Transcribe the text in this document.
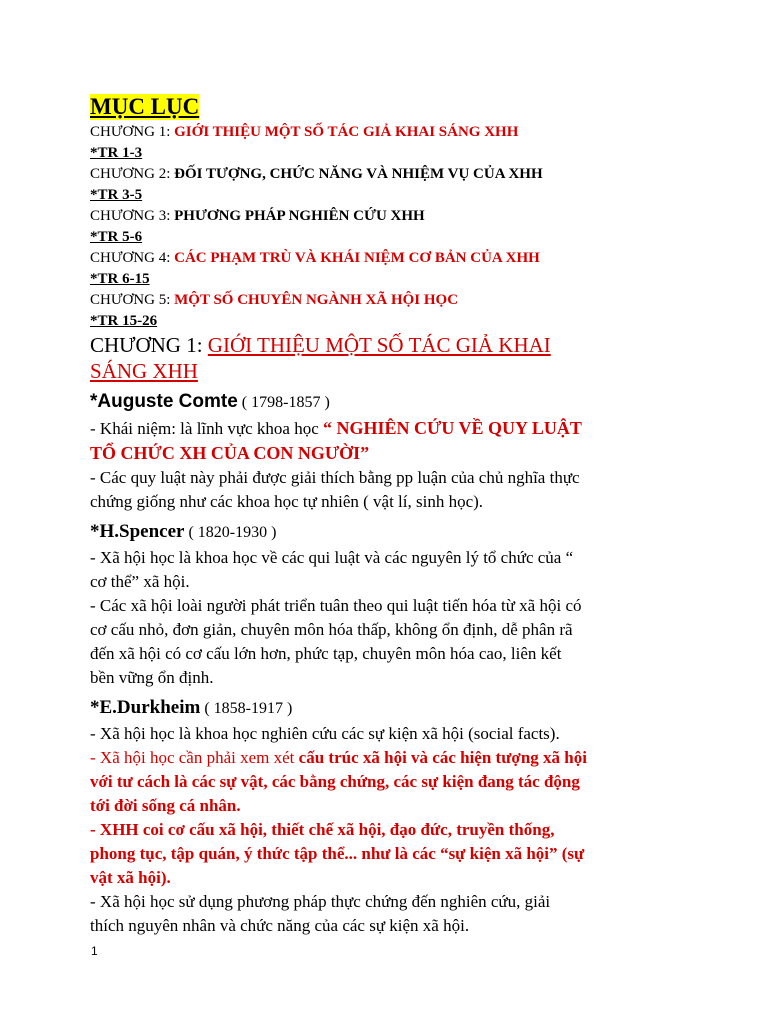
MỤC LỤC
CHƯƠNG 1: GIỚI THIỆU MỘT SỐ TÁC GIẢ KHAI SÁNG XHH
*TR 1-3
CHƯƠNG 2: ĐỐI TƯỢNG, CHỨC NĂNG VÀ NHIỆM VỤ CỦA XHH
*TR 3-5
CHƯƠNG 3: PHƯƠNG PHÁP NGHIÊN CỨU XHH
*TR 5-6
CHƯƠNG 4: CÁC PHẠM TRÙ VÀ KHÁI NIỆM CƠ BẢN CỦA XHH
*TR 6-15
CHƯƠNG 5: MỘT SỐ CHUYÊN NGÀNH XÃ HỘI HỌC
*TR 15-26
CHƯƠNG 1: GIỚI THIỆU MỘT SỐ TÁC GIẢ KHAI
SÁNG XHH
*Auguste Comte ( 1798-1857 )

- Khái niệm: là lĩnh vực khoa học “ NGHIÊN CỨU VỀ QUY LUẬT
TỔ CHỨC XH CỦA CON NGƯỜI”

- Các quy luật này phải được giải thích bằng pp luận của chủ nghĩa thực
chứng giống như các khoa học tự nhiên ( vật lí, sinh học).

*H.Spencer ( 1820-1930 )

- Xã hội học là khoa học về các qui luật và các nguyên lý tổ chức của “
cơ thể” xã hội.

- Các xã hội loài người phát triển tuân theo qui luật tiến hóa từ xã hội có
cơ cấu nhỏ, đơn giản, chuyên môn hóa thấp, không ổn định, dễ phân rã
đến xã hội có cơ cấu lớn hơn, phức tạp, chuyên môn hóa cao, liên kết
bền vững ổn định.

*E.Durkheim ( 1858-1917 )

- Xã hội học là khoa học nghiên cứu các sự kiện xã hội (social facts).

- Xã hội học cần phải xem xét cấu trúc xã hội và các hiện tượng xã hội
với tư cách là các sự vật, các bằng chứng, các sự kiện đang tác động
tới đời sống cá nhân.

- XHH coi cơ cấu xã hội, thiết chế xã hội, đạo đức, truyền thống,
phong tục, tập quán, ý thức tập thể... như là các “sự kiện xã hội” (sự
vật xã hội).

- Xã hội học sử dụng phương pháp thực chứng đến nghiên cứu, giải
thích nguyên nhân và chức năng của các sự kiện xã hội.

1
